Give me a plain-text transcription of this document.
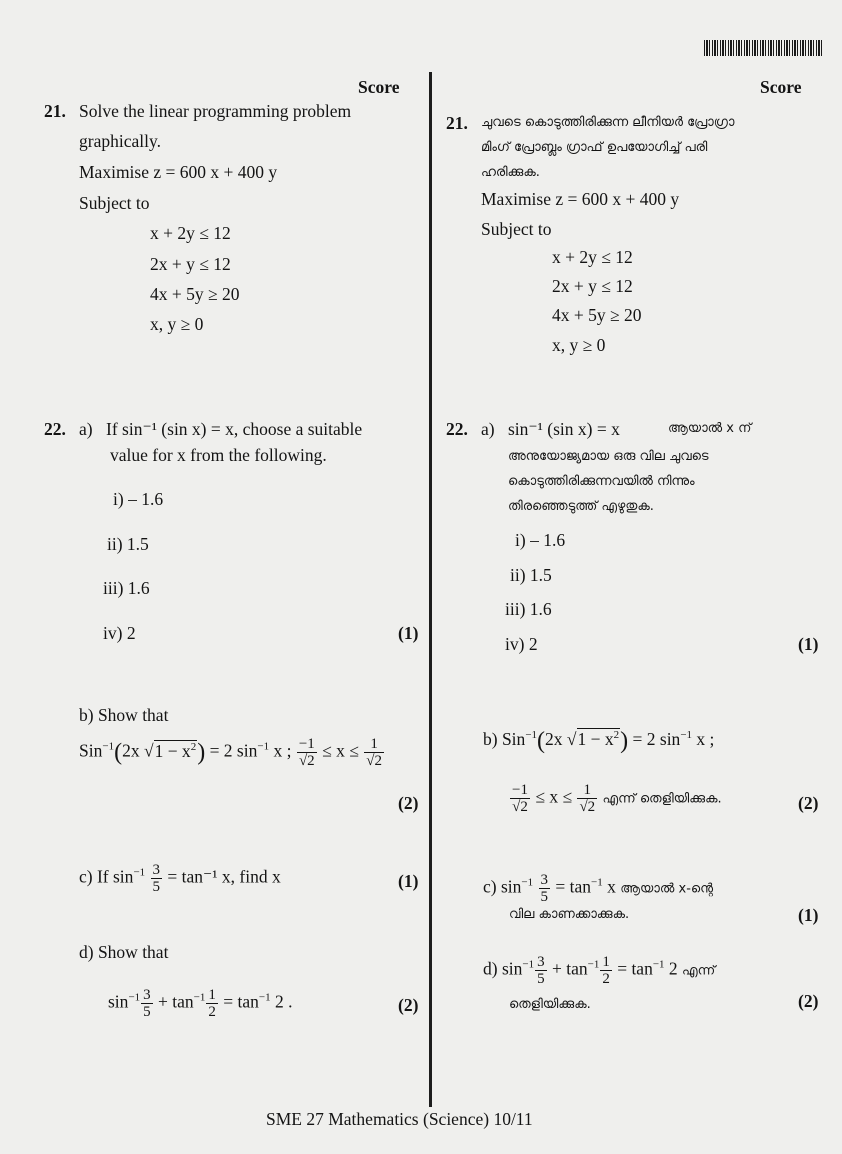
Score	Score
21. Solve the linear programming problem
graphically.
Maximise z = 600 x + 400 y
Subject to
x + 2y ≤ 12
2x + y ≤ 12
4x + 5y ≥ 20
x, y ≥ 0
22. a) If sin⁻¹ (sin x) = x, choose a suitable
value for x from the following.
i) – 1.6
ii) 1.5
iii) 1.6
iv) 2	(1)
b) Show that
Sin$^{-1}$(2x $√1 - x^2) = 2$ $\sin^{-1} x$ ; $\frac{-1}{√2} \le x \le \frac{1}{√2}$
(2)
c) If $\sin^{-1} \frac{3}{5} = \tan^{-1}$ x, find x	(1)
d) Show that
$\sin^{-1} \frac{3}{5} + \tan^{-1} \frac{1}{2} = \tan^{-1} 2$ .	(2)
21. ചുവടെ കൊടുത്തിരിക്കുന്ന ലീനിയർ പ്രോഗ്രാ
മിംഗ് പ്രോബ്ലം ഗ്രാഫ് ഉപയോഗിച്ച് പരി
ഹരിക്കുക.
Maximise z = 600 x + 400 y
Subject to
x + 2y ≤ 12
2x + y ≤ 12
4x + 5y ≥ 20
x, y ≥ 0
22. a) sin⁻¹ (sin x) = x	ആയാൽ x ന്
അനുയോജ്യമായ ഒരു വില ചുവടെ
കൊടുത്തിരിക്കുന്നവയിൽ നിന്നും
തിരഞ്ഞെടുത്ത് എഴുതുക.
i) – 1.6
ii) 1.5
iii) 1.6
iv) 2	(1)
b) Sin$^{-1}$(2x $√1 - x^2) = 2$ $\sin^{-1} x$ ;
$\frac{-1}{√2} \le x \le \frac{1}{√2}$ എന്ന് തെളിയിക്കുക.	(2)
c) $\sin^{-1} \frac{3}{5} = \tan^{-1} x$ ആയാൽ x-ന്റെ
വില കാണക്കാക്കുക.	(1)
d) $\sin^{-1} \frac{3}{5} + \tan^{-1} \frac{1}{2} = \tan^{-1} 2$ എന്ന്
തെളിയിക്കുക.	(2)
SME 27 Mathematics (Science) 10/11
